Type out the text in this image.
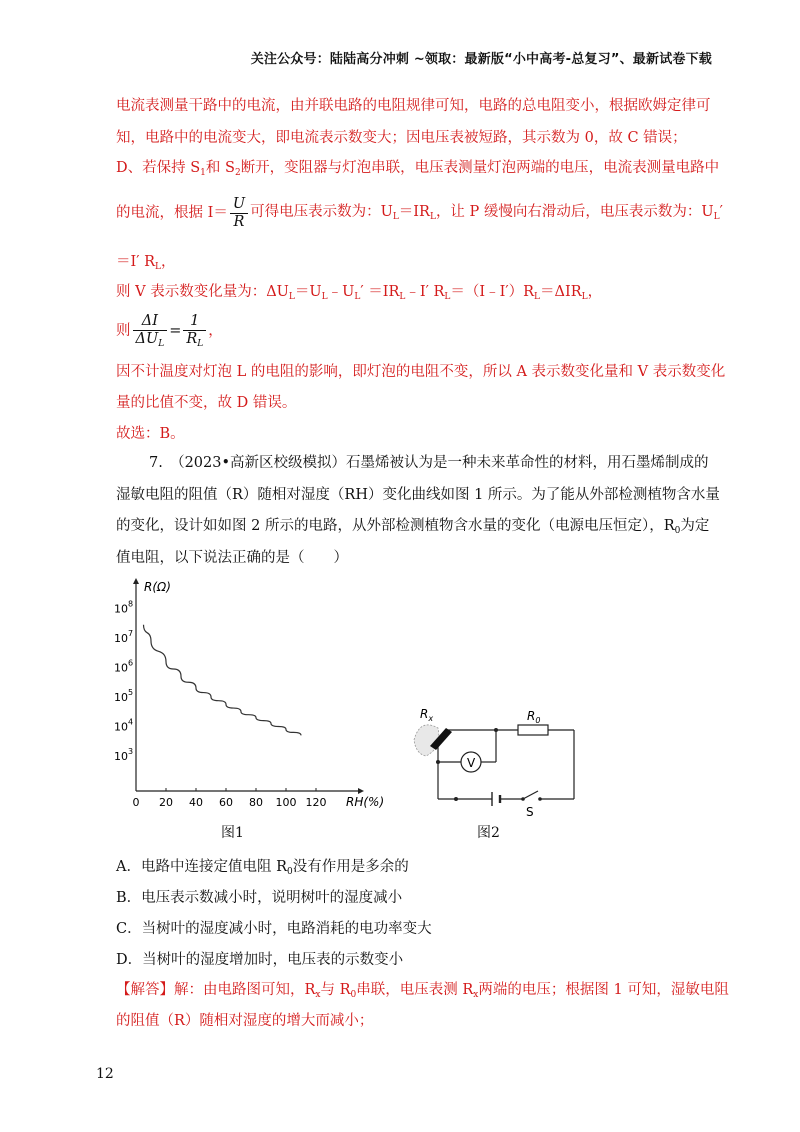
关注公众号：陆陆高分冲刺 ~领取：最新版“小中高考-总复习”、最新试卷下载
电流表测量干路中的电流，由并联电路的电阻规律可知，电路的总电阻变小，根据欧姆定律可
知，电路中的电流变大，即电流表示数变大；因电压表被短路，其示数为 0，故 C 错误；
D、若保持 $S_1$和 $S_2$断开，变阻器与灯泡串联，电压表测量灯泡两端的电压，电流表测量电路中
的电流，根据 $I= \frac{U}{R}$ 可得电压表示数为：$U_L=IR_L$，让 P 缓慢向右滑动后，电压表示数为：$U_L'$
＝I′ $R_L$，
则 V 表示数变化量为：$\Delta U_L=U_L﹣U_L'$ $=IR_L﹣I'$ $R_L=(I﹣I')R_L=\Delta IR_L$，
则 $\frac{\Delta I}{\Delta U_L} = \frac{1}{R_L}$ ，
因不计温度对灯泡 L 的电阻的影响，即灯泡的电阻不变，所以 A 表示数变化量和 V 表示数变化
量的比值不变，故 D 错误。
故选：B。
7.　（2023•高新区校级模拟）石墨烯被认为是一种未来革命性的材料，用石墨烯制成的
湿敏电阻的阻值（R）随相对湿度（RH）变化曲线如图 1 所示。为了能从外部检测植物含水量
的变化，设计如如图 2 所示的电路，从外部检测植物含水量的变化（电源电压恒定），$R_0$为定
值电阻，以下说法正确的是（　　）
R(Ω)
RH(%)
$10^3$
$10^4$
$10^5$
$10^6$
$10^7$
$10^8$
0 20 40 60 80 100 120
图1
V
$R_0$
S
$R_x$
图2
A．电路中连接定值电阻 $R_0$没有作用是多余的
B．电压表示数减小时，说明树叶的湿度减小
C．当树叶的湿度减小时，电路消耗的电功率变大
D．当树叶的湿度增加时，电压表的示数变小
【解答】解：由电路图可知，$R_x$与 $R_0$串联，电压表测 $R_x$两端的电压；根据图 1 可知，湿敏电阻
的阻值（R）随相对湿度的增大而减小；
12
